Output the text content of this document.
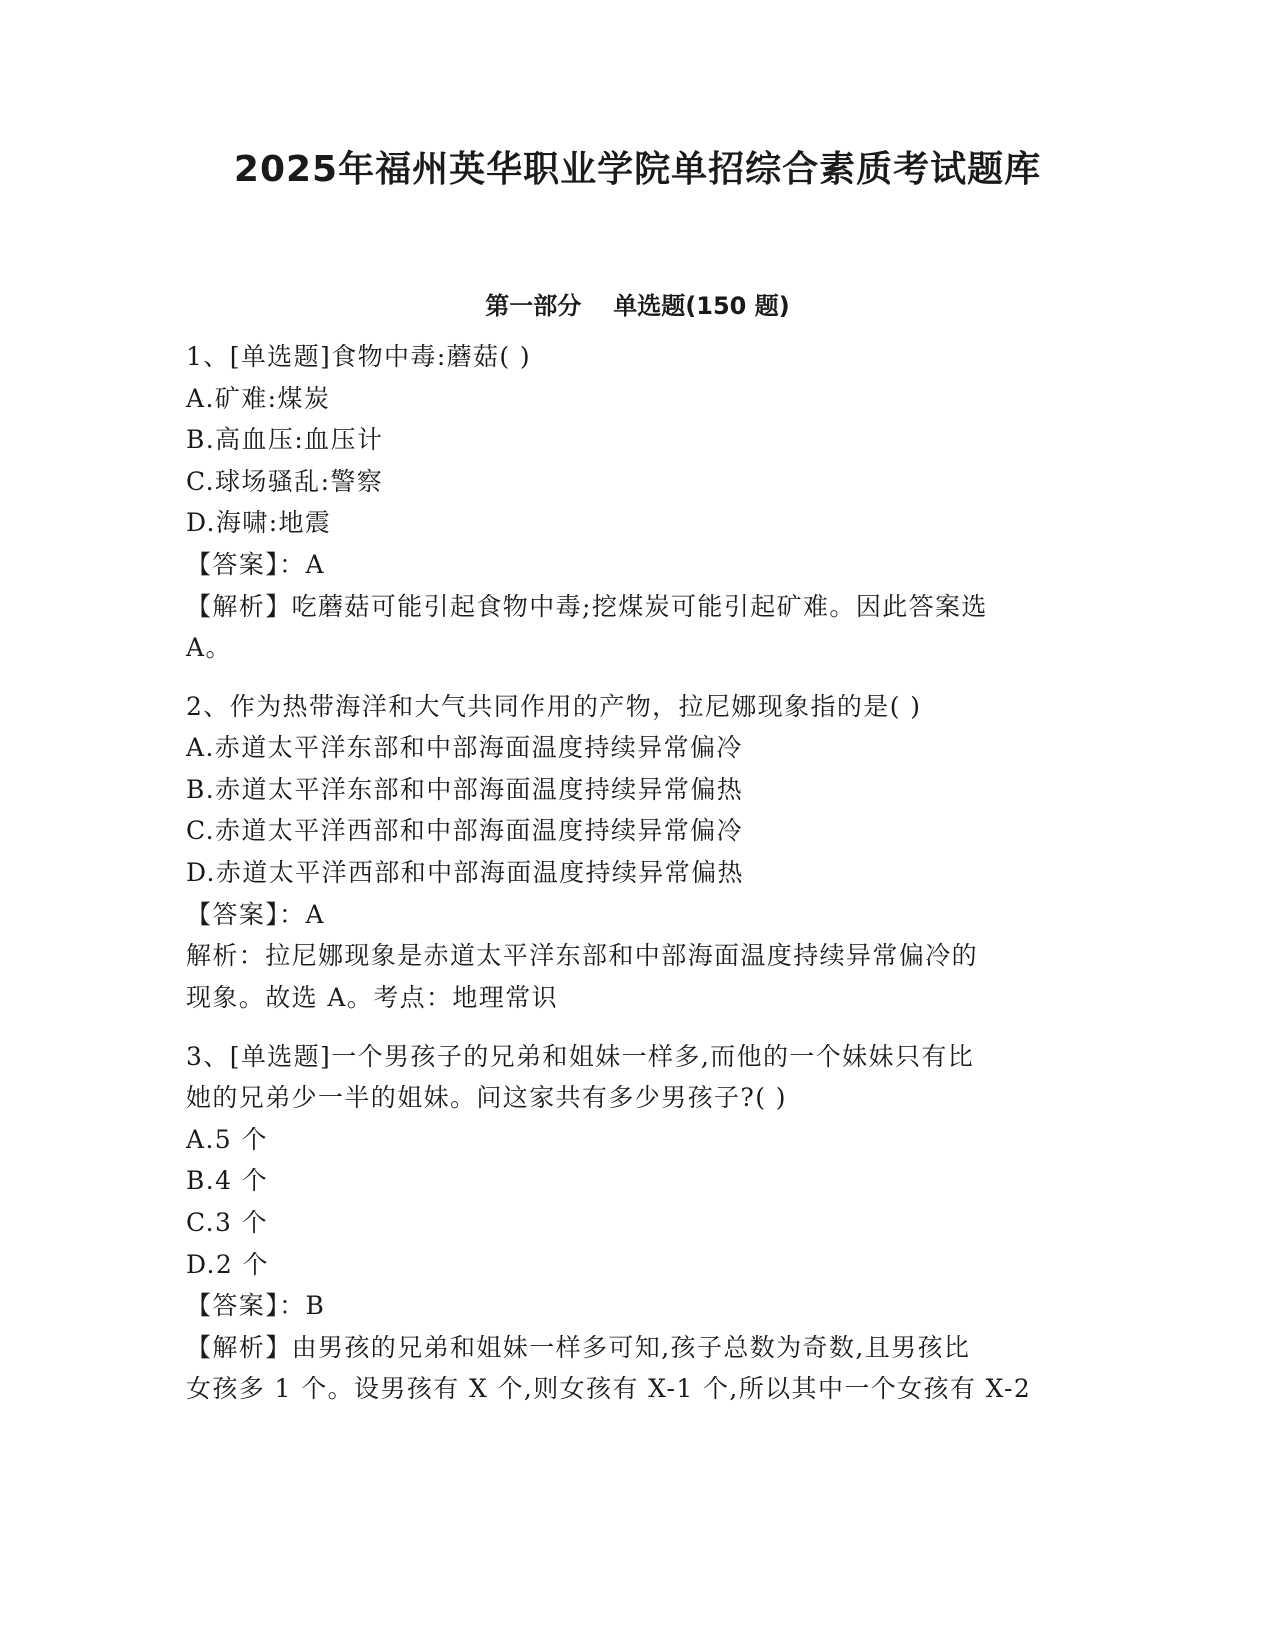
2025年福州英华职业学院单招综合素质考试题库
第一部分 单选题(150 题)
1、[单选题]食物中毒:蘑菇( )
A.矿难:煤炭
B.高血压:血压计
C.球场骚乱:警察
D.海啸:地震
【答案】：A
【解析】吃蘑菇可能引起食物中毒;挖煤炭可能引起矿难。因此答案选
A。
2、作为热带海洋和大气共同作用的产物，拉尼娜现象指的是( )
A.赤道太平洋东部和中部海面温度持续异常偏冷
B.赤道太平洋东部和中部海面温度持续异常偏热
C.赤道太平洋西部和中部海面温度持续异常偏冷
D.赤道太平洋西部和中部海面温度持续异常偏热
【答案】：A
解析：拉尼娜现象是赤道太平洋东部和中部海面温度持续异常偏冷的
现象。故选 A。考点：地理常识
3、[单选题]一个男孩子的兄弟和姐妹一样多,而他的一个妹妹只有比
她的兄弟少一半的姐妹。问这家共有多少男孩子?( )
A.5 个
B.4 个
C.3 个
D.2 个
【答案】：B
【解析】由男孩的兄弟和姐妹一样多可知,孩子总数为奇数,且男孩比
女孩多 1 个。设男孩有 X 个,则女孩有 X-1 个,所以其中一个女孩有 X-2
